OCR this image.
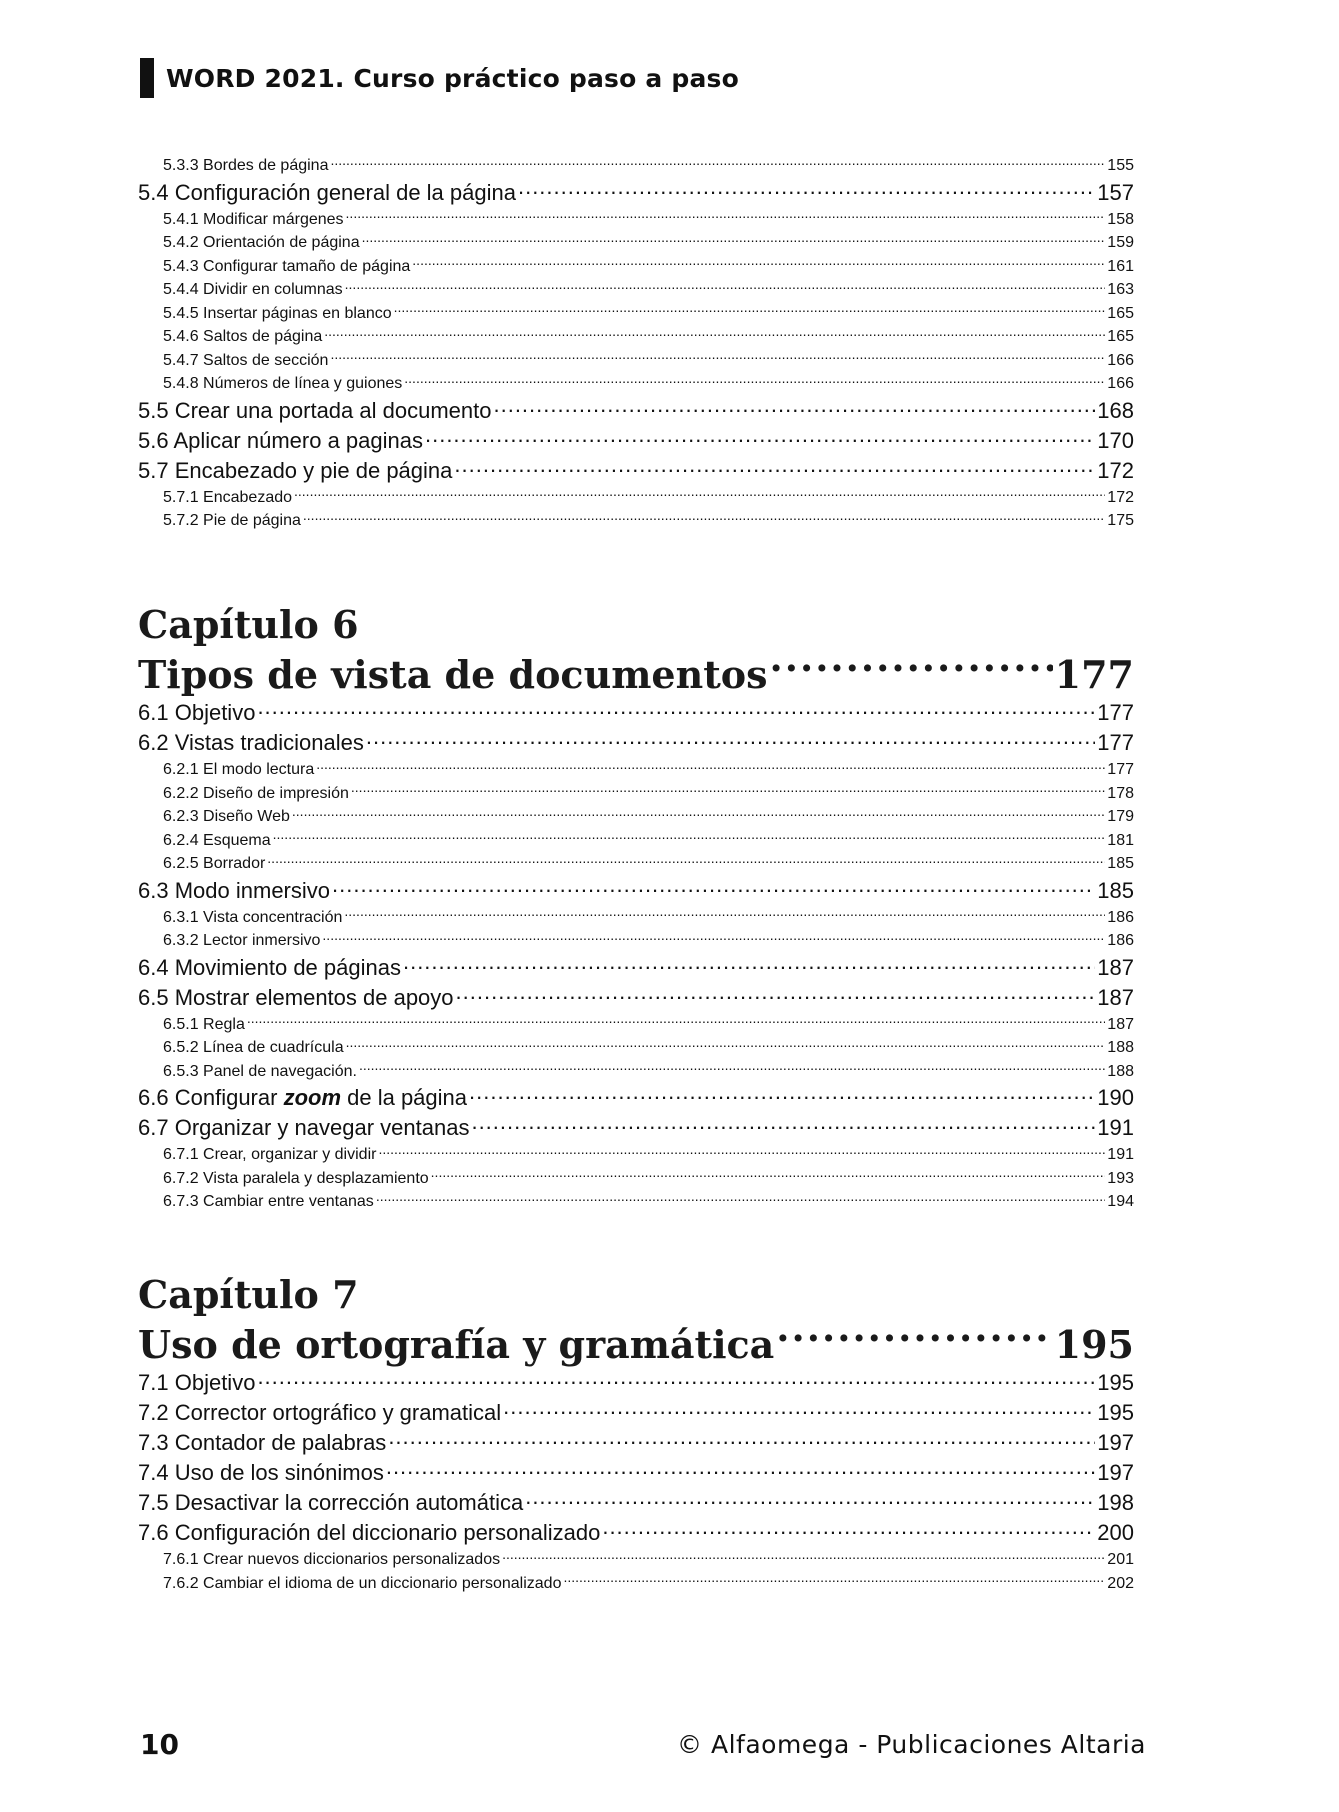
WORD 2021. Curso práctico paso a paso
5.3.3 Bordes de página .....	155
5.4 Configuración general de la página .....	157
5.4.1 Modificar márgenes .....	158
5.4.2 Orientación de página .....	159
5.4.3 Configurar tamaño de página .....	161
5.4.4 Dividir en columnas .....	163
5.4.5 Insertar páginas en blanco .....	165
5.4.6 Saltos de página .....	165
5.4.7 Saltos de sección .....	166
5.4.8 Números de línea y guiones .....	166
5.5 Crear una portada al documento .....	168
5.6 Aplicar número a paginas .....	170
5.7 Encabezado y pie de página .....	172
5.7.1 Encabezado .....	172
5.7.2 Pie de página .....	175
Capítulo 6
Tipos de vista de documentos .....	177
6.1 Objetivo .....	177
6.2 Vistas tradicionales .....	177
6.2.1 El modo lectura .....	177
6.2.2 Diseño de impresión .....	178
6.2.3 Diseño Web .....	179
6.2.4 Esquema .....	181
6.2.5 Borrador .....	185
6.3 Modo inmersivo .....	185
6.3.1 Vista concentración .....	186
6.3.2 Lector inmersivo .....	186
6.4 Movimiento de páginas .....	187
6.5 Mostrar elementos de apoyo .....	187
6.5.1 Regla .....	187
6.5.2 Línea de cuadrícula .....	188
6.5.3 Panel de navegación. .....	188
6.6 Configurar zoom de la página .....	190
6.7 Organizar y navegar ventanas .....	191
6.7.1 Crear, organizar y dividir .....	191
6.7.2 Vista paralela y desplazamiento .....	193
6.7.3 Cambiar entre ventanas .....	194
Capítulo 7
Uso de ortografía y gramática .....	195
7.1 Objetivo .....	195
7.2 Corrector ortográfico y gramatical .....	195
7.3 Contador de palabras .....	197
7.4 Uso de los sinónimos .....	197
7.5 Desactivar la corrección automática .....	198
7.6 Configuración del diccionario personalizado .....	200
7.6.1 Crear nuevos diccionarios personalizados .....	201
7.6.2 Cambiar el idioma de un diccionario personalizado .....	202
10	© Alfaomega - Publicaciones Altaria
